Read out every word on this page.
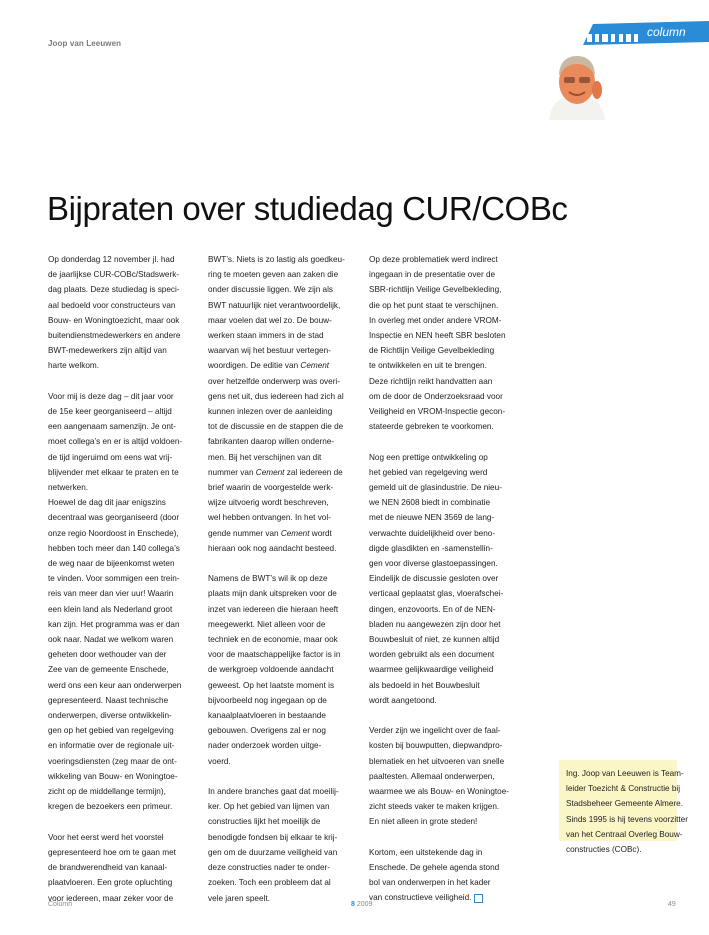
Joop van Leeuwen
column
Bijpraten over studiedag CUR/COBc

Op donderdag 12 november jl. had
de jaarlijkse CUR-COBc/Stadswerk-
dag plaats. Deze studiedag is speci-
aal bedoeld voor constructeurs van
Bouw- en Woningtoezicht, maar ook
buitendienstmedewerkers en andere
BWT-medewerkers zijn altijd van
harte welkom.

Voor mij is deze dag – dit jaar voor
de 15e keer georganiseerd – altijd
een aangenaam samenzijn. Je ont-
moet collega’s en er is altijd voldoen-
de tijd ingeruimd om eens wat vrij-
blijvender met elkaar te praten en te
netwerken.
Hoewel de dag dit jaar enigszins
decentraal was georganiseerd (door
onze regio Noordoost in Enschede),
hebben toch meer dan 140 collega’s
de weg naar de bijeenkomst weten
te vinden. Voor sommigen een trein-
reis van meer dan vier uur! Waarin
een klein land als Nederland groot
kan zijn. Het programma was er dan
ook naar. Nadat we welkom waren
geheten door wethouder van der
Zee van de gemeente Enschede,
werd ons een keur aan onderwerpen
gepresenteerd. Naast technische
onderwerpen, diverse ontwikkelin-
gen op het gebied van regelgeving
en informatie over de regionale uit-
voeringsdiensten (zeg maar de ont-
wikkeling van Bouw- en Woningtoe-
zicht op de middellange termijn),
kregen de bezoekers een primeur.

Voor het eerst werd het voorstel
gepresenteerd hoe om te gaan met
de brandwerendheid van kanaal-
plaatvloeren. Een grote opluchting
voor iedereen, maar zeker voor de

BWT’s. Niets is zo lastig als goedkeu-
ring te moeten geven aan zaken die
onder discussie liggen. We zijn als
BWT natuurlijk niet verantwoordelijk,
maar voelen dat wel zo. De bouw-
werken staan immers in de stad
waarvan wij het bestuur vertegen-
woordigen. De editie van Cement
over hetzelfde onderwerp was overi-
gens net uit, dus iedereen had zich al
kunnen inlezen over de aanleiding
tot de discussie en de stappen die de
fabrikanten daarop willen onderne-
men. Bij het verschijnen van dit
nummer van Cement zal iedereen de
brief waarin de voorgestelde werk-
wijze uitvoerig wordt beschreven,
wel hebben ontvangen. In het vol-
gende nummer van Cement wordt
hieraan ook nog aandacht besteed.

Namens de BWT’s wil ik op deze
plaats mijn dank uitspreken voor de
inzet van iedereen die hieraan heeft
meegewerkt. Niet alleen voor de
techniek en de economie, maar ook
voor de maatschappelijke factor is in
de werkgroep voldoende aandacht
geweest. Op het laatste moment is
bijvoorbeeld nog ingegaan op de
kanaalplaatvloeren in bestaande
gebouwen. Overigens zal er nog
nader onderzoek worden uitge-
voerd.

In andere branches gaat dat moeilij-
ker. Op het gebied van lijmen van
constructies lijkt het moeilijk de
benodigde fondsen bij elkaar te krij-
gen om de duurzame veiligheid van
deze constructies nader te onder-
zoeken. Toch een probleem dat al
vele jaren speelt.

Op deze problematiek werd indirect
ingegaan in de presentatie over de
SBR-richtlijn Veilige Gevelbekleding,
die op het punt staat te verschijnen.
In overleg met onder andere VROM-
Inspectie en NEN heeft SBR besloten
de Richtlijn Veilige Gevelbekleding
te ontwikkelen en uit te brengen.
Deze richtlijn reikt handvatten aan
om de door de Onderzoeksraad voor
Veiligheid en VROM-Inspectie gecon-
stateerde gebreken te voorkomen.

Nog een prettige ontwikkeling op
het gebied van regelgeving werd
gemeld uit de glasindustrie. De nieu-
we NEN 2608 biedt in combinatie
met de nieuwe NEN 3569 de lang-
verwachte duidelijkheid over beno-
digde glasdikten en -samenstellin-
gen voor diverse glastoepassingen.
Eindelijk de discussie gesloten over
verticaal geplaatst glas, vloerafschei-
dingen, enzovoorts. En of de NEN-
bladen nu aangewezen zijn door het
Bouwbesluit of niet, ze kunnen altijd
worden gebruikt als een document
waarmee gelijkwaardige veiligheid
als bedoeld in het Bouwbesluit
wordt aangetoond.

Verder zijn we ingelicht over de faal-
kosten bij bouwputten, diepwandpro-
blematiek en het uitvoeren van snelle
paaltesten. Allemaal onderwerpen,
waarmee we als Bouw- en Woningtoe-
zicht steeds vaker te maken krijgen.
En niet alleen in grote steden!

Kortom, een uitstekende dag in
Enschede. De gehele agenda stond
bol van onderwerpen in het kader
van constructieve veiligheid.

Ing. Joop van Leeuwen is Team-
leider Toezicht & Constructie bij
Stadsbeheer Gemeente Almere.
Sinds 1995 is hij tevens voorzitter
van het Centraal Overleg Bouw-
constructies (COBc).
Column	8 2009	49
